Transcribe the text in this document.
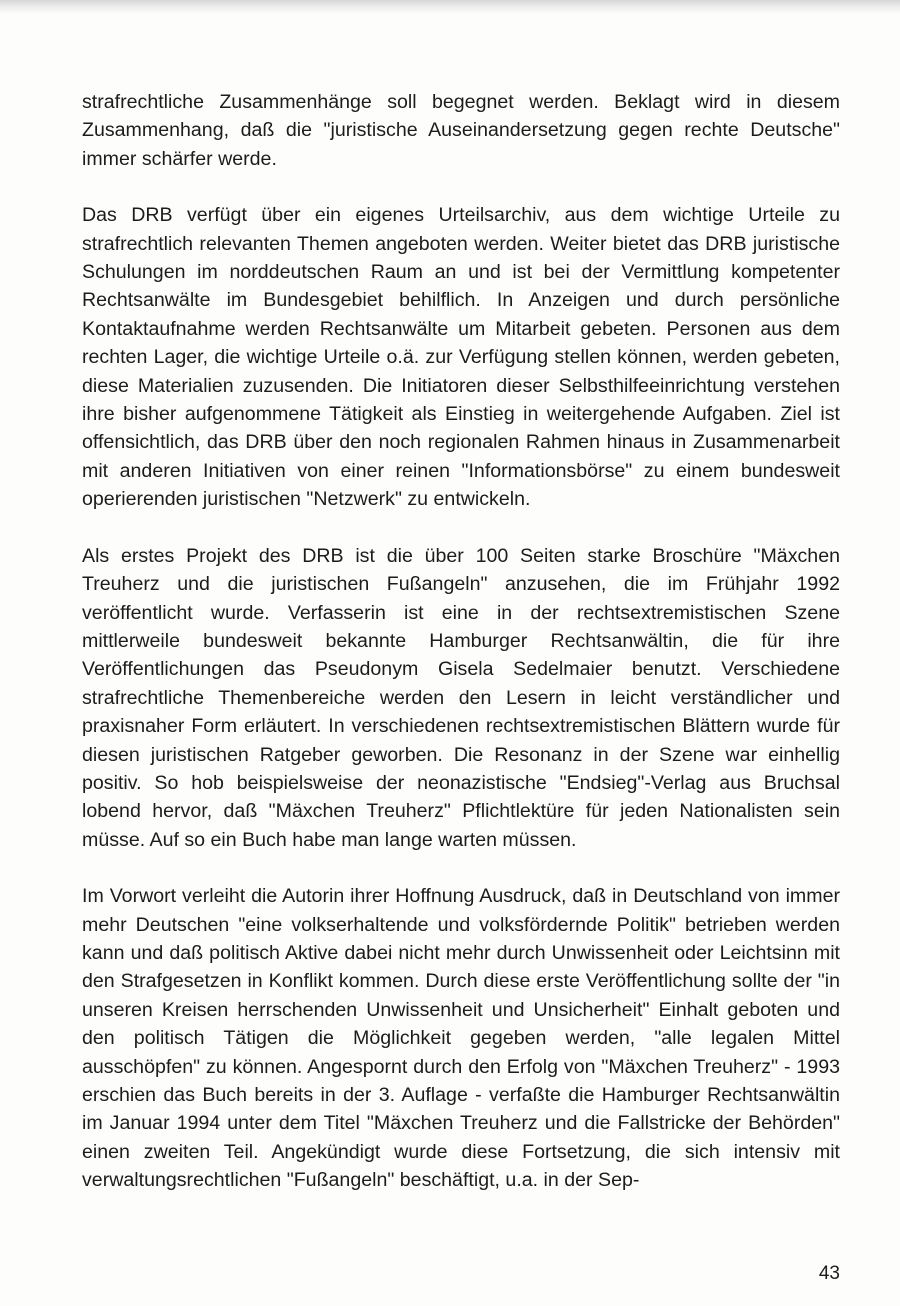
strafrechtliche Zusammenhänge soll begegnet werden. Beklagt wird in diesem Zusammenhang, daß die "juristische Auseinandersetzung gegen rechte Deutsche" immer schärfer werde.

Das DRB verfügt über ein eigenes Urteilsarchiv, aus dem wichtige Urteile zu strafrechtlich relevanten Themen angeboten werden. Weiter bietet das DRB juristische Schulungen im norddeutschen Raum an und ist bei der Vermittlung kompetenter Rechtsanwälte im Bundesgebiet behilflich. In Anzeigen und durch persönliche Kontaktaufnahme werden Rechtsanwälte um Mitarbeit gebeten. Personen aus dem rechten Lager, die wichtige Urteile o.ä. zur Verfügung stellen können, werden gebeten, diese Materialien zuzusenden. Die Initiatoren dieser Selbsthilfeeinrichtung verstehen ihre bisher aufgenommene Tätigkeit als Einstieg in weitergehende Aufgaben. Ziel ist offensichtlich, das DRB über den noch regionalen Rahmen hinaus in Zusammenarbeit mit anderen Initiativen von einer reinen "Informationsbörse" zu einem bundesweit operierenden juristischen "Netzwerk" zu entwickeln.

Als erstes Projekt des DRB ist die über 100 Seiten starke Broschüre "Mäxchen Treuherz und die juristischen Fußangeln" anzusehen, die im Frühjahr 1992 veröffentlicht wurde. Verfasserin ist eine in der rechtsextremistischen Szene mittlerweile bundesweit bekannte Hamburger Rechtsanwältin, die für ihre Veröffentlichungen das Pseudonym Gisela Sedelmaier benutzt. Verschiedene strafrechtliche Themenbereiche werden den Lesern in leicht verständlicher und praxisnaher Form erläutert. In verschiedenen rechtsextremistischen Blättern wurde für diesen juristischen Ratgeber geworben. Die Resonanz in der Szene war einhellig positiv. So hob beispielsweise der neonazistische "Endsieg"-Verlag aus Bruchsal lobend hervor, daß "Mäxchen Treuherz" Pflichtlektüre für jeden Nationalisten sein müsse. Auf so ein Buch habe man lange warten müssen.

Im Vorwort verleiht die Autorin ihrer Hoffnung Ausdruck, daß in Deutschland von immer mehr Deutschen "eine volkserhaltende und volksfördernde Politik" betrieben werden kann und daß politisch Aktive dabei nicht mehr durch Unwissenheit oder Leichtsinn mit den Strafgesetzen in Konflikt kommen. Durch diese erste Veröffentlichung sollte der "in unseren Kreisen herrschenden Unwissenheit und Unsicherheit" Einhalt geboten und den politisch Tätigen die Möglichkeit gegeben werden, "alle legalen Mittel ausschöpfen" zu können. Angespornt durch den Erfolg von "Mäxchen Treuherz" - 1993 erschien das Buch bereits in der 3. Auflage - verfaßte die Hamburger Rechtsanwältin im Januar 1994 unter dem Titel "Mäxchen Treuherz und die Fallstricke der Behörden" einen zweiten Teil. Angekündigt wurde diese Fortsetzung, die sich intensiv mit verwaltungsrechtlichen "Fußangeln" beschäftigt, u.a. in der Sep-

43
